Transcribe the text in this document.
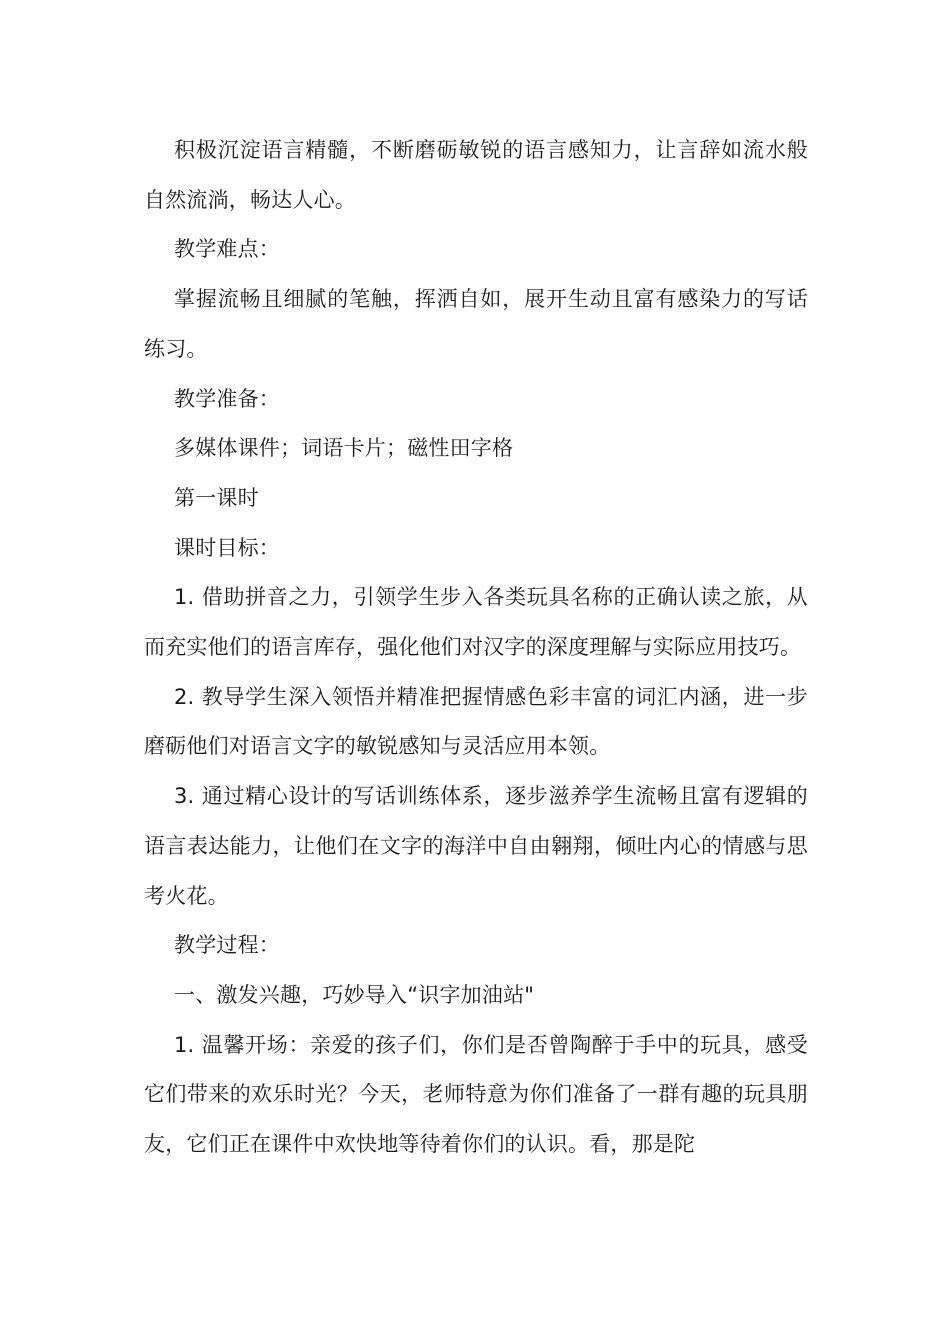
积极沉淀语言精髓，不断磨砺敏锐的语言感知力，让言辞如流水般自然流淌，畅达人心。

教学难点：

掌握流畅且细腻的笔触，挥洒自如，展开生动且富有感染力的写话练习。

教学准备：

多媒体课件；词语卡片；磁性田字格

第一课时

课时目标：

1. 借助拼音之力，引领学生步入各类玩具名称的正确认读之旅，从而充实他们的语言库存，强化他们对汉字的深度理解与实际应用技巧。

2. 教导学生深入领悟并精准把握情感色彩丰富的词汇内涵，进一步磨砺他们对语言文字的敏锐感知与灵活应用本领。

3. 通过精心设计的写话训练体系，逐步滋养学生流畅且富有逻辑的语言表达能力，让他们在文字的海洋中自由翱翔，倾吐内心的情感与思考火花。

教学过程：

一、激发兴趣，巧妙导入“识字加油站"

1. 温馨开场：亲爱的孩子们，你们是否曾陶醉于手中的玩具，感受它们带来的欢乐时光？今天，老师特意为你们准备了一群有趣的玩具朋友，它们正在课件中欢快地等待着你们的认识。看，那是陀
